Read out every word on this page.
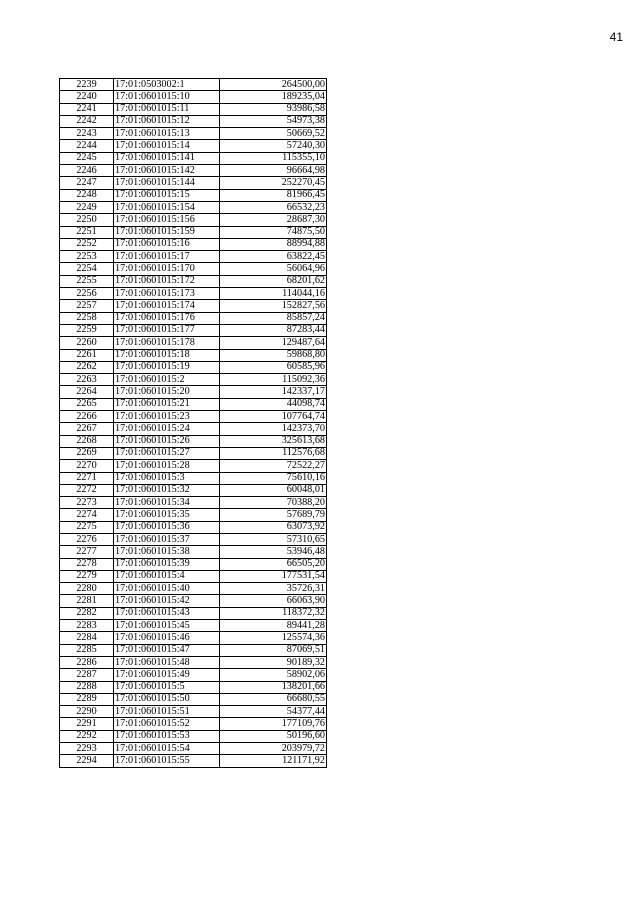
41
2239	17:01:0503002:1	264500,00
2240	17:01:0601015:10	189235,04
2241	17:01:0601015:11	93986,58
2242	17:01:0601015:12	54973,38
2243	17:01:0601015:13	50669,52
2244	17:01:0601015:14	57240,30
2245	17:01:0601015:141	115355,10
2246	17:01:0601015:142	96664,98
2247	17:01:0601015:144	252270,45
2248	17:01:0601015:15	81966,45
2249	17:01:0601015:154	66532,23
2250	17:01:0601015:156	28687,30
2251	17:01:0601015:159	74875,50
2252	17:01:0601015:16	88994,88
2253	17:01:0601015:17	63822,45
2254	17:01:0601015:170	56064,96
2255	17:01:0601015:172	68201,62
2256	17:01:0601015:173	114044,16
2257	17:01:0601015:174	152827,56
2258	17:01:0601015:176	85857,24
2259	17:01:0601015:177	87283,44
2260	17:01:0601015:178	129487,64
2261	17:01:0601015:18	59868,80
2262	17:01:0601015:19	60585,96
2263	17:01:0601015:2	115092,36
2264	17:01:0601015:20	142337,17
2265	17:01:0601015:21	44098,74
2266	17:01:0601015:23	107764,74
2267	17:01:0601015:24	142373,70
2268	17:01:0601015:26	325613,68
2269	17:01:0601015:27	112576,68
2270	17:01:0601015:28	72522,27
2271	17:01:0601015:3	75610,16
2272	17:01:0601015:32	60048,01
2273	17:01:0601015:34	70388,20
2274	17:01:0601015:35	57689,79
2275	17:01:0601015:36	63073,92
2276	17:01:0601015:37	57310,65
2277	17:01:0601015:38	53946,48
2278	17:01:0601015:39	66505,20
2279	17:01:0601015:4	177531,54
2280	17:01:0601015:40	35726,31
2281	17:01:0601015:42	66063,90
2282	17:01:0601015:43	118372,32
2283	17:01:0601015:45	89441,28
2284	17:01:0601015:46	125574,36
2285	17:01:0601015:47	87069,51
2286	17:01:0601015:48	90189,32
2287	17:01:0601015:49	58902,06
2288	17:01:0601015:5	138201,66
2289	17:01:0601015:50	66680,55
2290	17:01:0601015:51	54377,44
2291	17:01:0601015:52	177109,76
2292	17:01:0601015:53	50196,60
2293	17:01:0601015:54	203979,72
2294	17:01:0601015:55	121171,92
